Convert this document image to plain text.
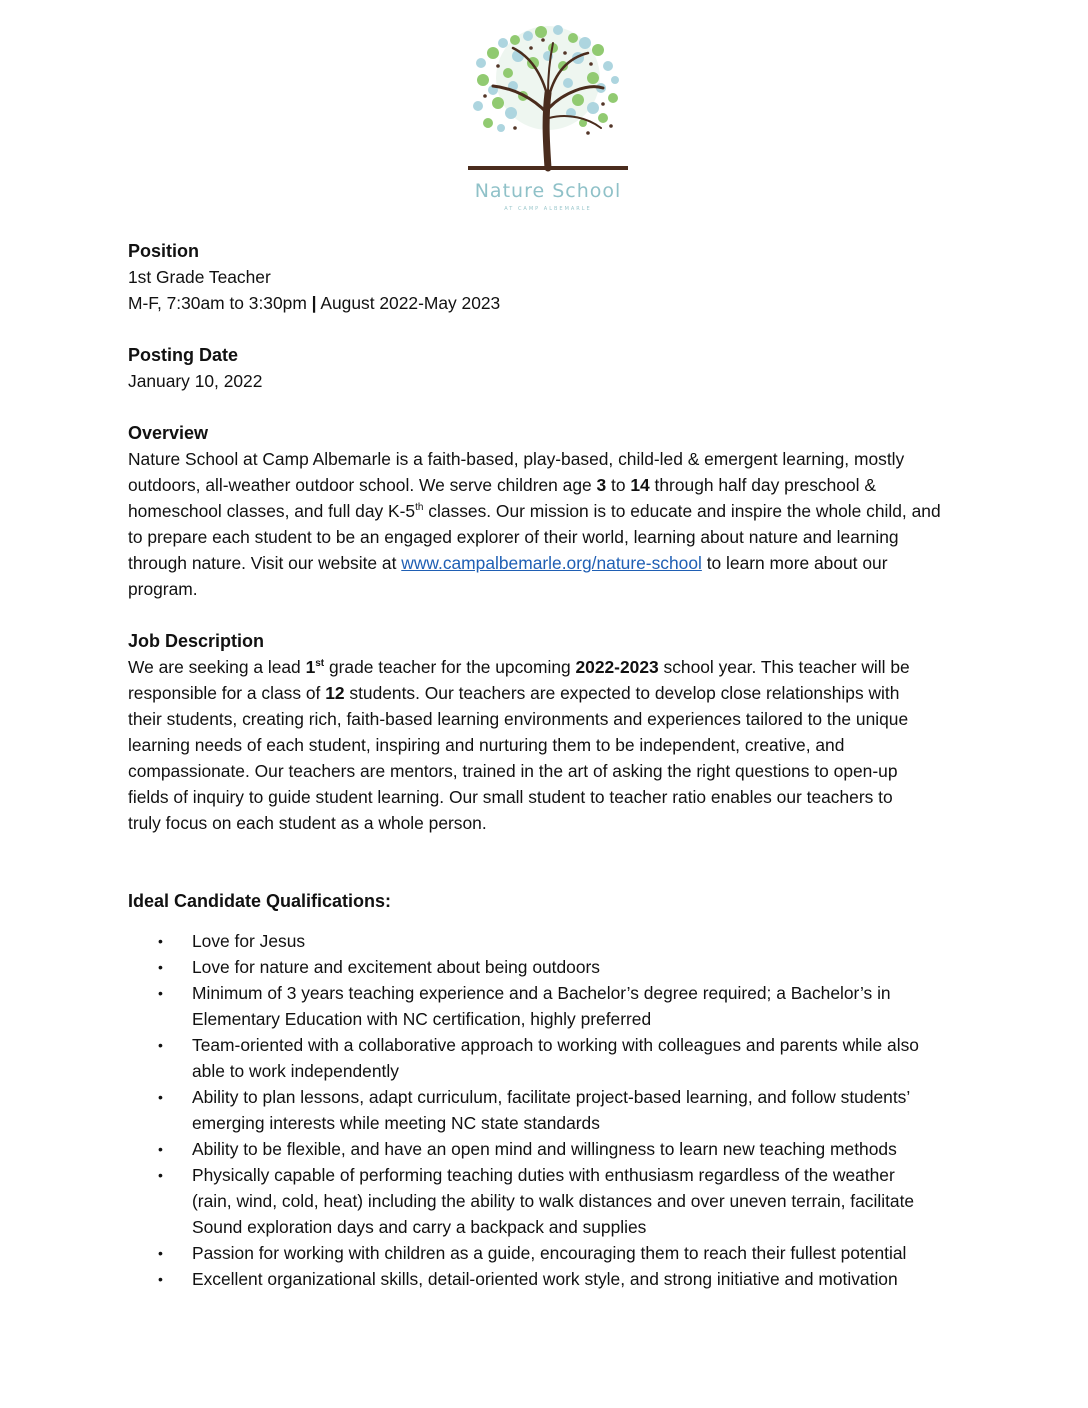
Nature School
AT CAMP ALBEMARLE

Position

1st Grade Teacher

M-F, 7:30am to 3:30pm | August 2022-May 2023

Posting Date

January 10, 2022

Overview

Nature School at Camp Albemarle is a faith-based, play-based, child-led & emergent learning, mostly
outdoors, all-weather outdoor school. We serve children age 3 to 14 through half day preschool &
homeschool classes, and full day K-5th classes. Our mission is to educate and inspire the whole child, and
to prepare each student to be an engaged explorer of their world, learning about nature and learning
through nature. Visit our website at www.campalbemarle.org/nature-school to learn more about our
program.

Job Description

We are seeking a lead 1st grade teacher for the upcoming 2022-2023 school year. This teacher will be
responsible for a class of 12 students. Our teachers are expected to develop close relationships with
their students, creating rich, faith-based learning environments and experiences tailored to the unique
learning needs of each student, inspiring and nurturing them to be independent, creative, and
compassionate. Our teachers are mentors, trained in the art of asking the right questions to open-up
fields of inquiry to guide student learning. Our small student to teacher ratio enables our teachers to
truly focus on each student as a whole person.

Ideal Candidate Qualifications:

• Love for Jesus
• Love for nature and excitement about being outdoors
• Minimum of 3 years teaching experience and a Bachelor’s degree required; a Bachelor’s in
Elementary Education with NC certification, highly preferred
• Team-oriented with a collaborative approach to working with colleagues and parents while also
able to work independently
• Ability to plan lessons, adapt curriculum, facilitate project-based learning, and follow students’
emerging interests while meeting NC state standards
• Ability to be flexible, and have an open mind and willingness to learn new teaching methods
• Physically capable of performing teaching duties with enthusiasm regardless of the weather
(rain, wind, cold, heat) including the ability to walk distances and over uneven terrain, facilitate
Sound exploration days and carry a backpack and supplies
• Passion for working with children as a guide, encouraging them to reach their fullest potential
• Excellent organizational skills, detail-oriented work style, and strong initiative and motivation
